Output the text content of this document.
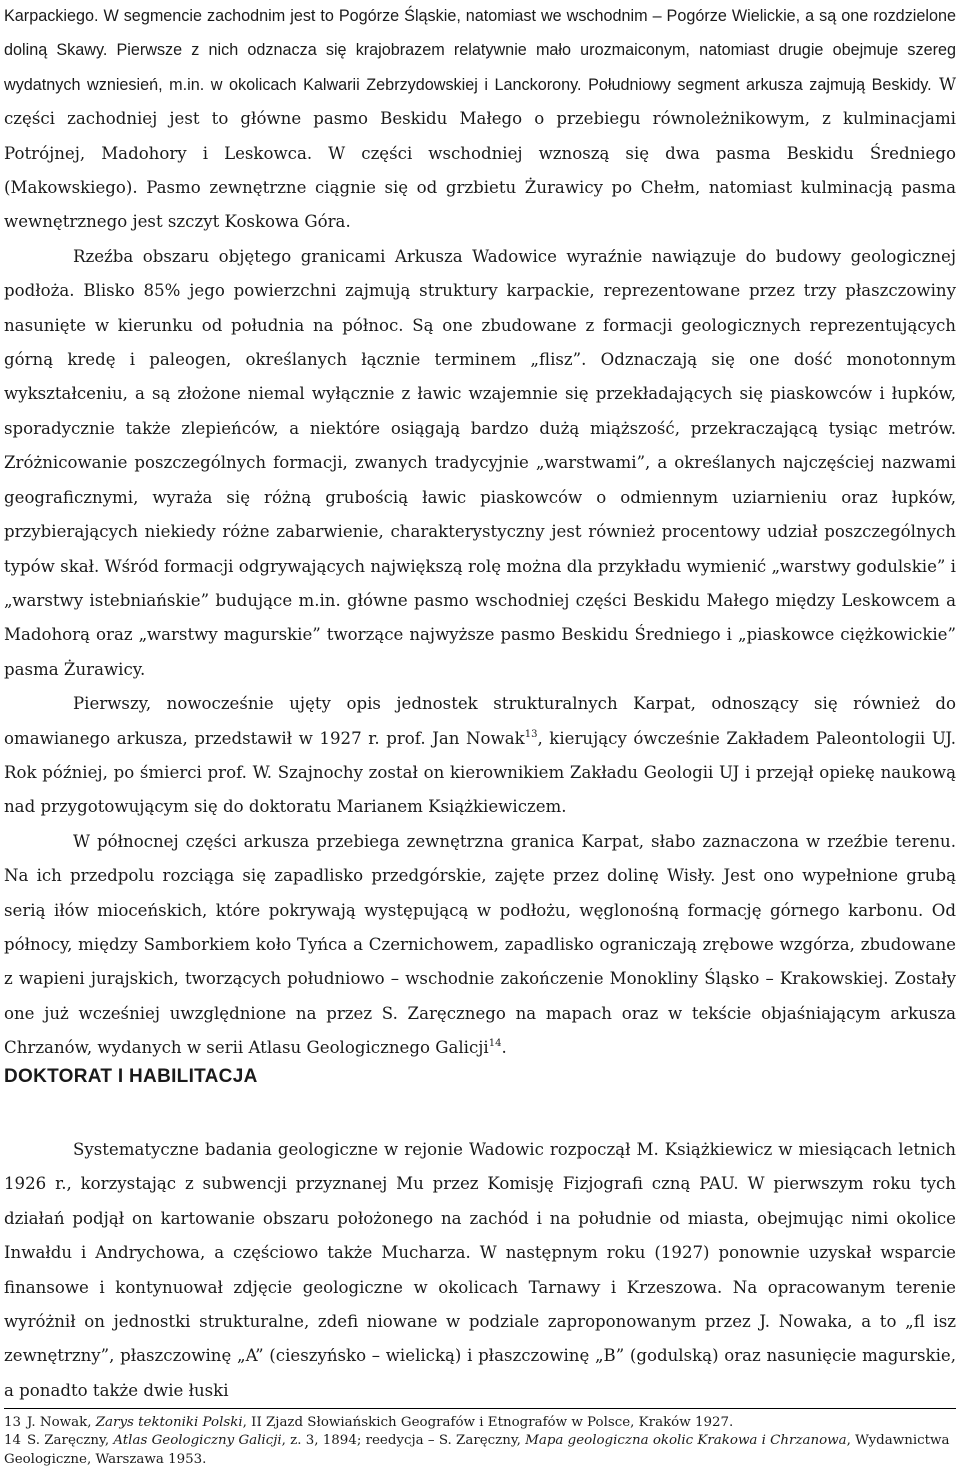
Karpackiego. W segmencie zachodnim jest to Pogórze Śląskie, natomiast we wschodnim – Pogórze Wielickie, a są one rozdzielone doliną Skawy. Pierwsze z nich odznacza się krajobrazem relatywnie mało urozmaiconym, natomiast drugie obejmuje szereg wydatnych wzniesień, m.in. w okolicach Kalwarii Zebrzydowskiej i Lanckorony. Południowy segment arkusza zajmują Beskidy. W części zachodniej jest to główne pasmo Beskidu Małego o przebiegu równoleżnikowym, z kulminacjami Potrójnej, Madohory i Leskowca. W części wschodniej wznoszą się dwa pasma Beskidu Średniego (Makowskiego). Pasmo zewnętrzne ciągnie się od grzbietu Żurawicy po Chełm, natomiast kulminacją pasma wewnętrznego jest szczyt Koskowa Góra.

Rzeźba obszaru objętego granicami Arkusza Wadowice wyraźnie nawiązuje do budowy geologicznej podłoża. Blisko 85% jego powierzchni zajmują struktury karpackie, reprezentowane przez trzy płaszczowiny nasunięte w kierunku od południa na północ. Są one zbudowane z formacji geologicznych reprezentujących górną kredę i paleogen, określanych łącznie terminem „flisz”. Odznaczają się one dość monotonnym wykształceniu, a są złożone niemal wyłącznie z ławic wzajemnie się przekładających się piaskowców i łupków, sporadycznie także zlepieńców, a niektóre osiągają bardzo dużą miąższość, przekraczającą tysiąc metrów. Zróżnicowanie poszczególnych formacji, zwanych tradycyjnie „warstwami”, a określanych najczęściej nazwami geograficznymi, wyraża się różną grubością ławic piaskowców o odmiennym uziarnieniu oraz łupków, przybierających niekiedy różne zabarwienie, charakterystyczny jest również procentowy udział poszczególnych typów skał. Wśród formacji odgrywających największą rolę można dla przykładu wymienić „warstwy godulskie” i „warstwy istebniańskie” budujące m.in. główne pasmo wschodniej części Beskidu Małego między Leskowcem a Madohorą oraz „warstwy magurskie” tworzące najwyższe pasmo Beskidu Średniego i „piaskowce ciężkowickie” pasma Żurawicy.

Pierwszy, nowocześnie ujęty opis jednostek strukturalnych Karpat, odnoszący się również do omawianego arkusza, przedstawił w 1927 r. prof. Jan Nowak$^{13}$, kierujący ówcześnie Zakładem Paleontologii UJ. Rok później, po śmierci prof. W. Szajnochy został on kierownikiem Zakładu Geologii UJ i przejął opiekę naukową nad przygotowującym się do doktoratu Marianem Książkiewiczem.

W północnej części arkusza przebiega zewnętrzna granica Karpat, słabo zaznaczona w rzeźbie terenu. Na ich przedpolu rozciąga się zapadlisko przedgórskie, zajęte przez dolinę Wisły. Jest ono wypełnione grubą serią iłów mioceńskich, które pokrywają występującą w podłożu, węglonośną formację górnego karbonu. Od północy, między Samborkiem koło Tyńca a Czernichowem, zapadlisko ograniczają zrębowe wzgórza, zbudowane z wapieni jurajskich, tworzących południowo – wschodnie zakończenie Monokliny Śląsko – Krakowskiej. Zostały one już wcześniej uwzględnione na przez S. Zaręcznego na mapach oraz w tekście objaśniającym arkusza Chrzanów, wydanych w serii Atlasu Geologicznego Galicji$^{14}$.

DOKTORAT I HABILITACJA

Systematyczne badania geologiczne w rejonie Wadowic rozpoczął M. Książkiewicz w miesiącach letnich 1926 r., korzystając z subwencji przyznanej Mu przez Komisję Fizjografi czną PAU. W pierwszym roku tych działań podjął on kartowanie obszaru położonego na zachód i na południe od miasta, obejmując nimi okolice Inwałdu i Andrychowa, a częściowo także Mucharza. W następnym roku (1927) ponownie uzyskał wsparcie finansowe i kontynuował zdjęcie geologiczne w okolicach Tarnawy i Krzeszowa. Na opracowanym terenie wyróżnił on jednostki strukturalne, zdefi niowane w podziale zaproponowanym przez J. Nowaka, a to „fl isz zewnętrzny”, płaszczowinę „A” (cieszyńsko – wielicką) i płaszczowinę „B” (godulską) oraz nasunięcie magurskie, a ponadto także dwie łuski

13 J. Nowak, Zarys tektoniki Polski, II Zjazd Słowiańskich Geografów i Etnografów w Polsce, Kraków 1927.

14 S. Zaręczny, Atlas Geologiczny Galicji, z. 3, 1894; reedycja – S. Zaręczny, Mapa geologiczna okolic Krakowa i Chrzanowa, Wydawnictwa Geologiczne, Warszawa 1953.
